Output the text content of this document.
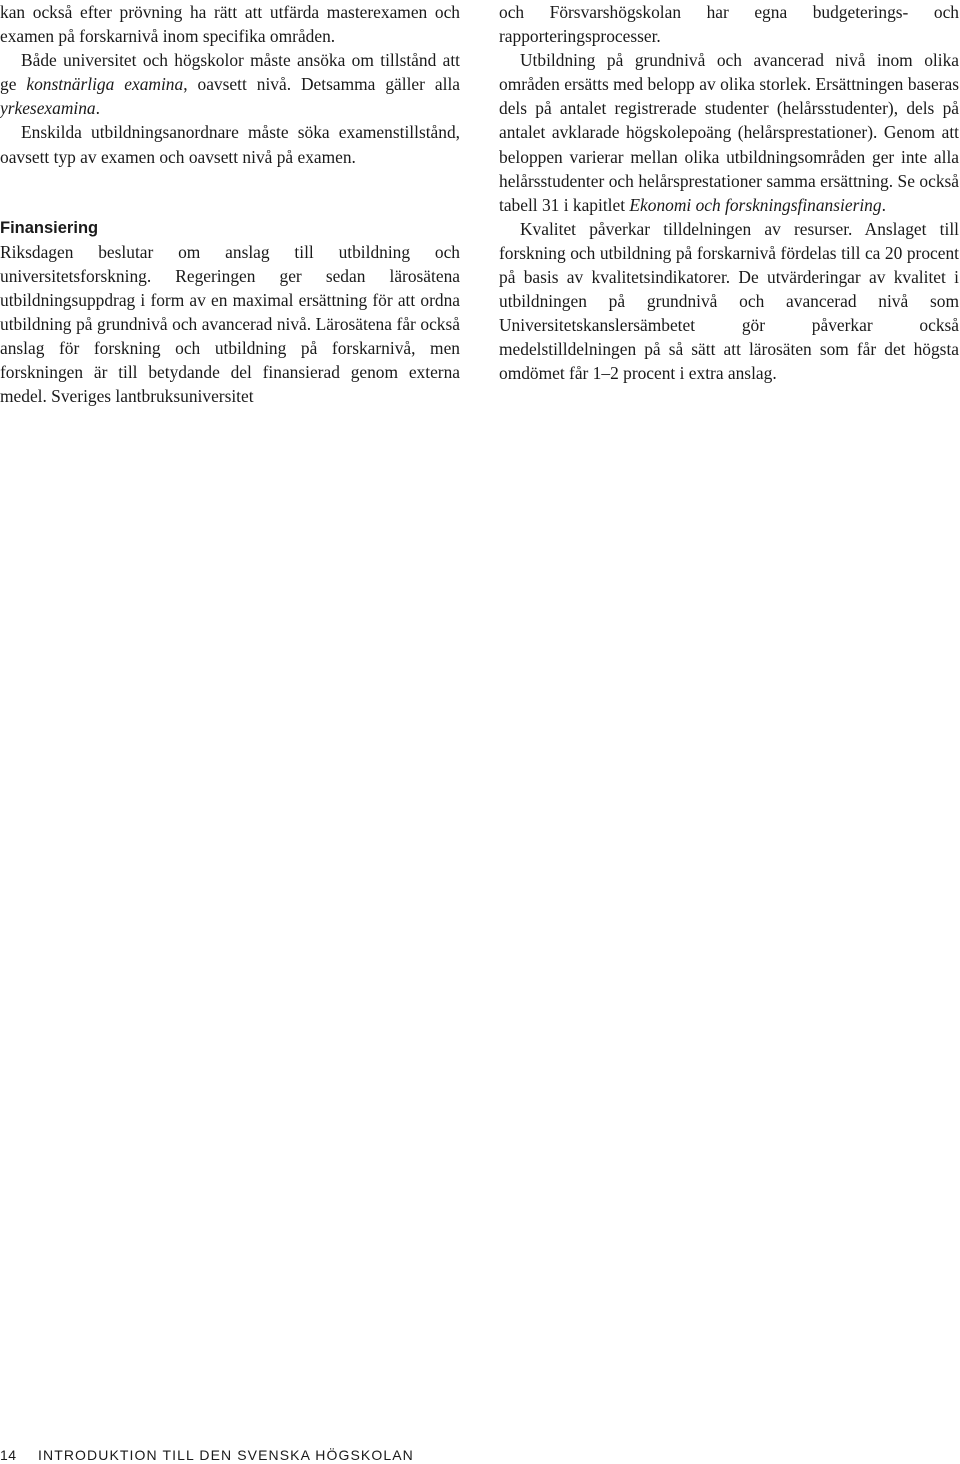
kan också efter prövning ha rätt att utfärda masterexamen och examen på forskarnivå inom specifika områden.

Både universitet och högskolor måste ansöka om tillstånd att ge konstnärliga examina, oavsett nivå. Detsamma gäller alla yrkesexamina.

Enskilda utbildningsanordnare måste söka examenstillstånd, oavsett typ av examen och oavsett nivå på examen.

Finansiering

Riksdagen beslutar om anslag till utbildning och universitetsforskning. Regeringen ger sedan lärosätena utbildningsuppdrag i form av en maximal ersättning för att ordna utbildning på grundnivå och avancerad nivå. Lärosätena får också anslag för forskning och utbildning på forskarnivå, men forskningen är till betydande del finansierad genom externa medel. Sveriges lantbruksuniversitet

och Försvarshögskolan har egna budgeterings- och rapporteringsprocesser.

Utbildning på grundnivå och avancerad nivå inom olika områden ersätts med belopp av olika storlek. Ersättningen baseras dels på antalet registrerade studenter (helårsstudenter), dels på antalet avklarade högskolepoäng (helårsprestationer). Genom att beloppen varierar mellan olika utbildningsområden ger inte alla helårsstudenter och helårsprestationer samma ersättning. Se också tabell 31 i kapitlet Ekonomi och forskningsfinansiering.

Kvalitet påverkar tilldelningen av resurser. Anslaget till forskning och utbildning på forskarnivå fördelas till ca 20 procent på basis av kvalitetsindikatorer. De utvärderingar av kvalitet i utbildningen på grundnivå och avancerad nivå som Universitetskanslersämbetet gör påverkar också medelstilldelningen på så sätt att lärosäten som får det högsta omdömet får 1–2 procent i extra anslag.

14 INTRODUKTION TILL DEN SVENSKA HÖGSKOLAN
